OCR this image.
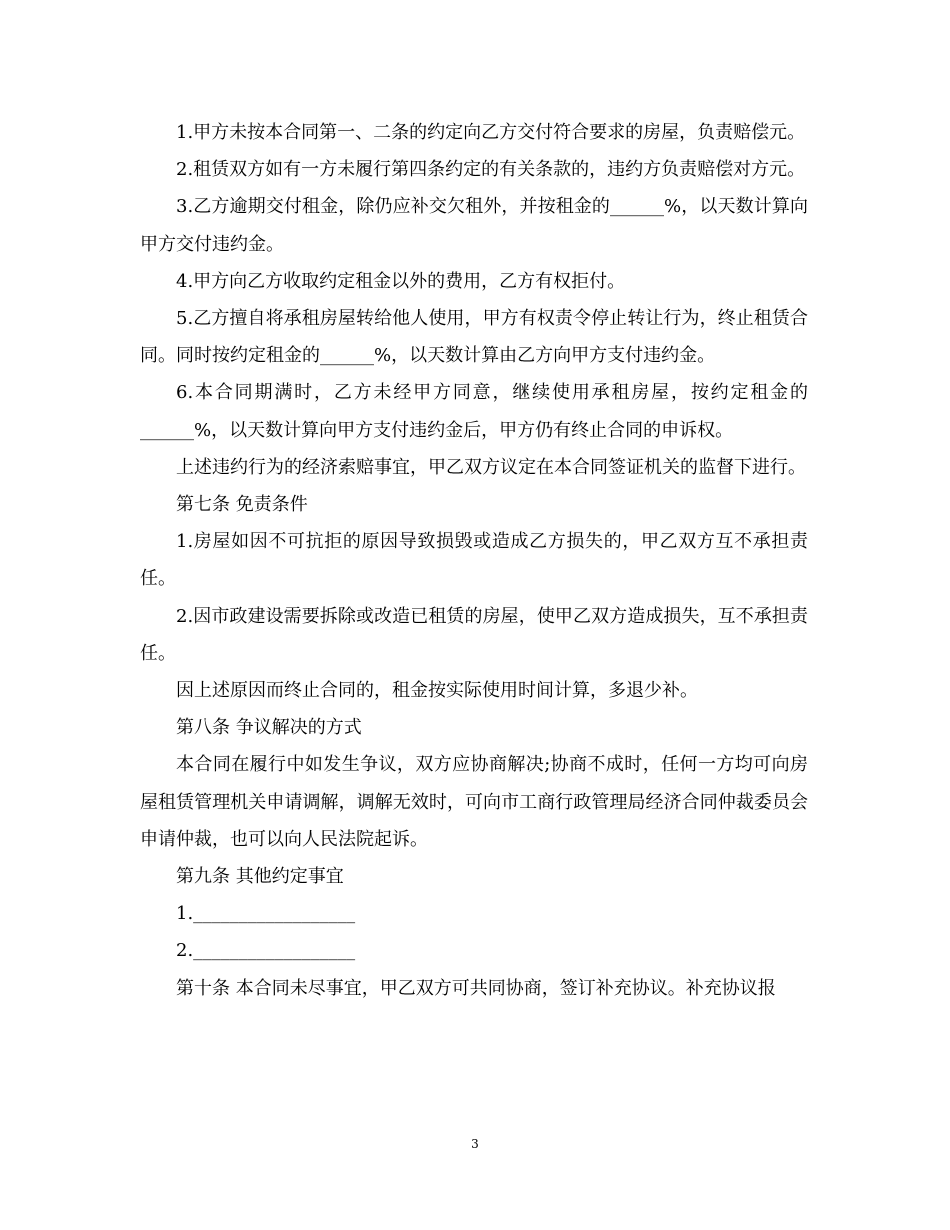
1.甲方未按本合同第一、二条的约定向乙方交付符合要求的房屋，负责赔偿元。

2.租赁双方如有一方未履行第四条约定的有关条款的，违约方负责赔偿对方元。

3.乙方逾期交付租金，除仍应补交欠租外，并按租金的______%，以天数计算向甲方交付违约金。

4.甲方向乙方收取约定租金以外的费用，乙方有权拒付。

5.乙方擅自将承租房屋转给他人使用，甲方有权责令停止转让行为，终止租赁合同。同时按约定租金的______%，以天数计算由乙方向甲方支付违约金。

6.本合同期满时，乙方未经甲方同意，继续使用承租房屋，按约定租金的______%，以天数计算向甲方支付违约金后，甲方仍有终止合同的申诉权。

上述违约行为的经济索赔事宜，甲乙双方议定在本合同签证机关的监督下进行。

第七条 免责条件

1.房屋如因不可抗拒的原因导致损毁或造成乙方损失的，甲乙双方互不承担责任。

2.因市政建设需要拆除或改造已租赁的房屋，使甲乙双方造成损失，互不承担责任。

因上述原因而终止合同的，租金按实际使用时间计算，多退少补。

第八条 争议解决的方式

本合同在履行中如发生争议，双方应协商解决;协商不成时，任何一方均可向房屋租赁管理机关申请调解，调解无效时，可向市工商行政管理局经济合同仲裁委员会申请仲裁，也可以向人民法院起诉。

第九条 其他约定事宜

1.__________________

2.__________________

第十条 本合同未尽事宜，甲乙双方可共同协商，签订补充协议。补充协议报

3
